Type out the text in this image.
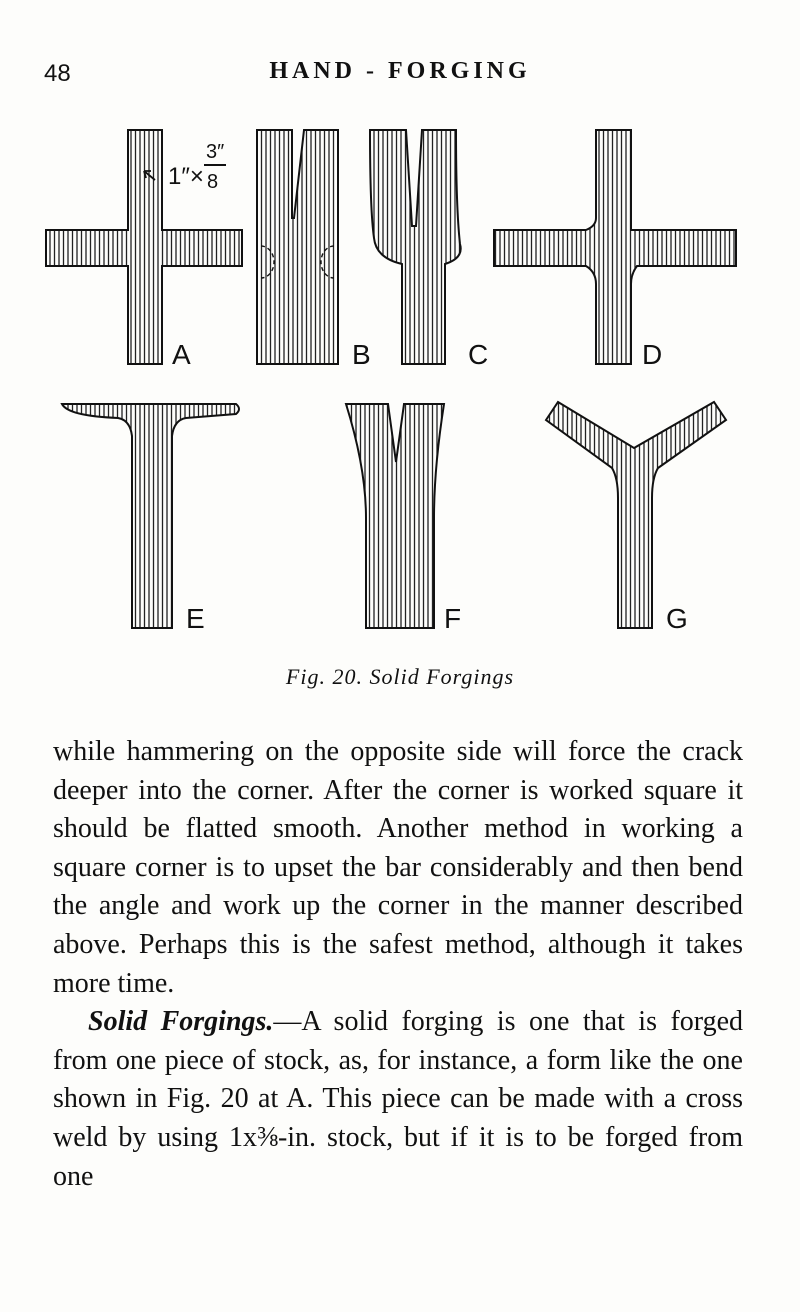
48	HAND - FORGING
1″×
3″
8
A	B	C	D
E	F	G
Fig. 20. Solid Forgings

while hammering on the opposite side will force the crack deeper into the corner. After the corner is worked square it should be flatted smooth. Another method in working a square corner is to upset the bar considerably and then bend the angle and work up the corner in the manner described above. Perhaps this is the safest method, although it takes more time.

Solid Forgings.—A solid forging is one that is forged from one piece of stock, as, for instance, a form like the one shown in Fig. 20 at A. This piece can be made with a cross weld by using 1x⅜-in. stock, but if it is to be forged from one
